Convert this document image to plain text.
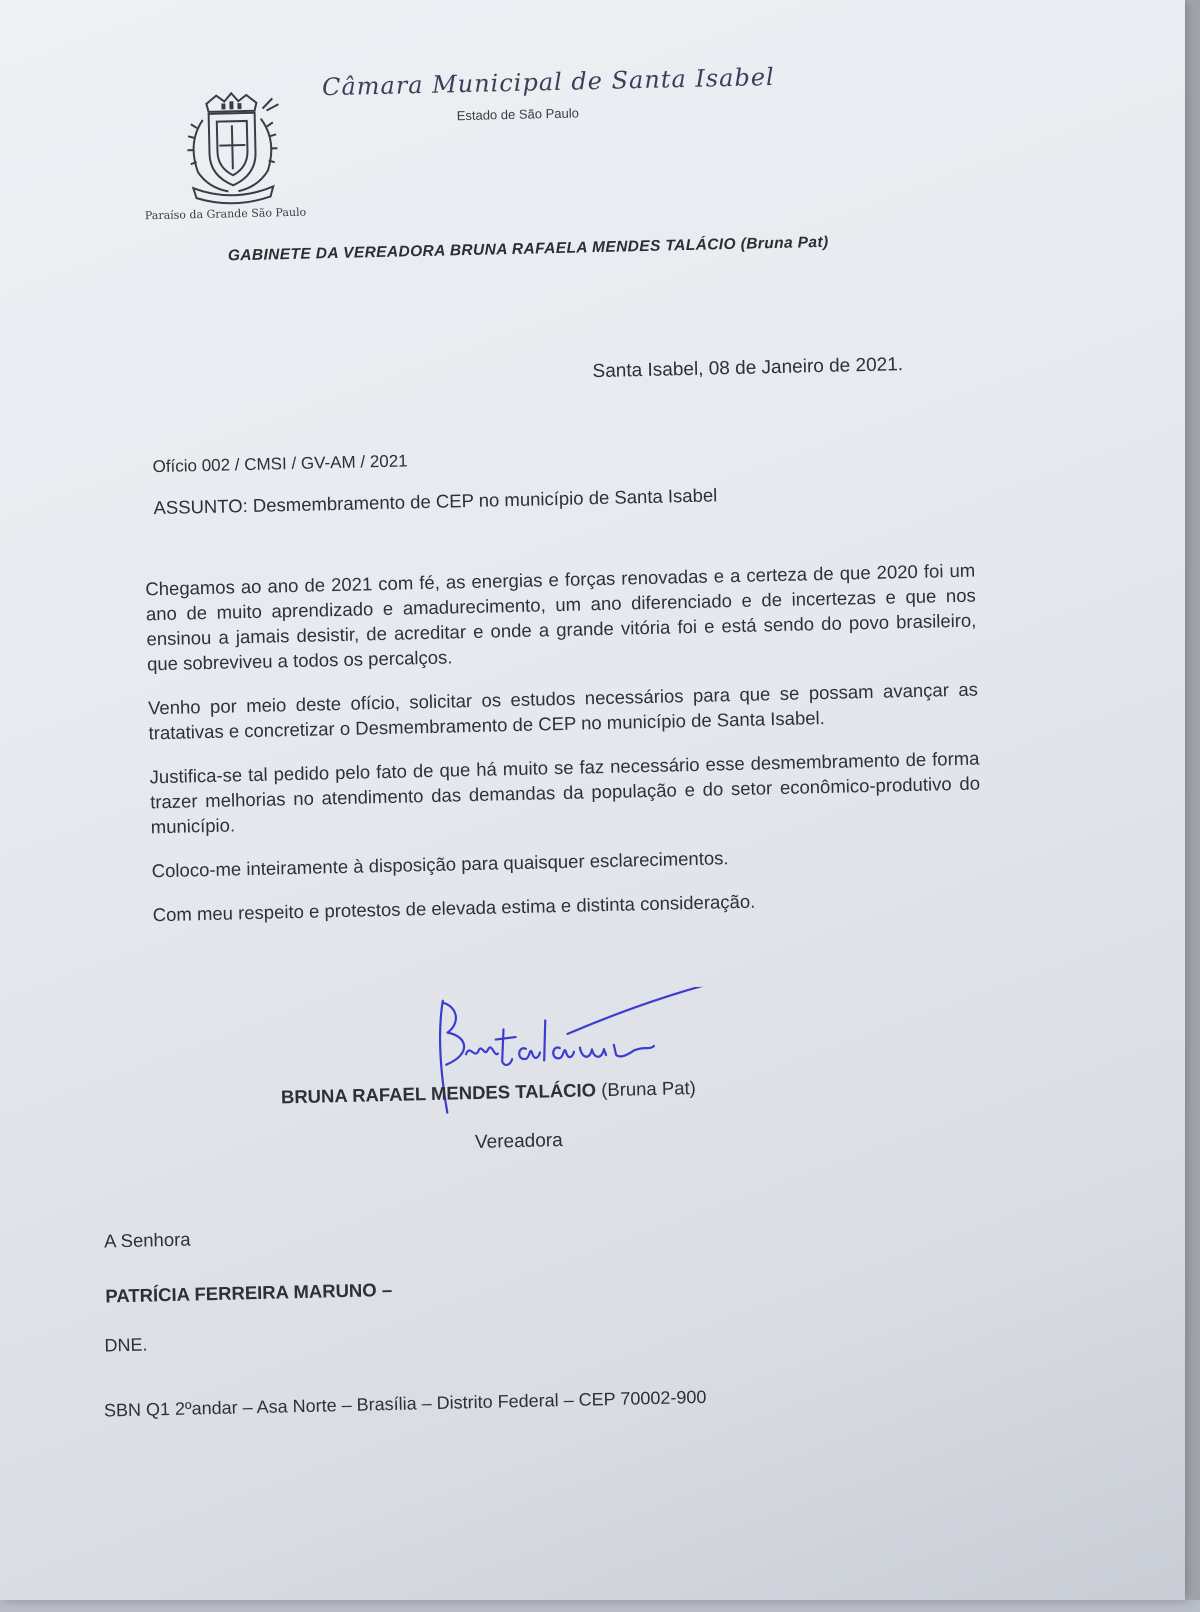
Paraíso da Grande São Paulo
Câmara Municipal de Santa Isabel
Estado de São Paulo
GABINETE DA VEREADORA BRUNA RAFAELA MENDES TALÁCIO (Bruna Pat)
Santa Isabel, 08 de Janeiro de 2021.
Ofício 002 / CMSI / GV-AM / 2021
ASSUNTO: Desmembramento de CEP no município de Santa Isabel

Chegamos ao ano de 2021 com fé, as energias e forças renovadas e a certeza de que 2020 foi um ano de muito aprendizado e amadurecimento, um ano diferenciado e de incertezas e que nos ensinou a jamais desistir, de acreditar e onde a grande vitória foi e está sendo do povo brasileiro, que sobreviveu a todos os percalços.

Venho por meio deste ofício, solicitar os estudos necessários para que se possam avançar as tratativas e concretizar o Desmembramento de CEP no município de Santa Isabel.

Justifica-se tal pedido pelo fato de que há muito se faz necessário esse desmembramento de forma trazer melhorias no atendimento das demandas da população e do setor econômico-produtivo do município.

Coloco-me inteiramente à disposição para quaisquer esclarecimentos.

Com meu respeito e protestos de elevada estima e distinta consideração.

BRUNA RAFAEL MENDES TALÁCIO (Bruna Pat)
Vereadora
A Senhora
PATRÍCIA FERREIRA MARUNO –
DNE.
SBN Q1 2ºandar – Asa Norte – Brasília – Distrito Federal – CEP 70002-900
